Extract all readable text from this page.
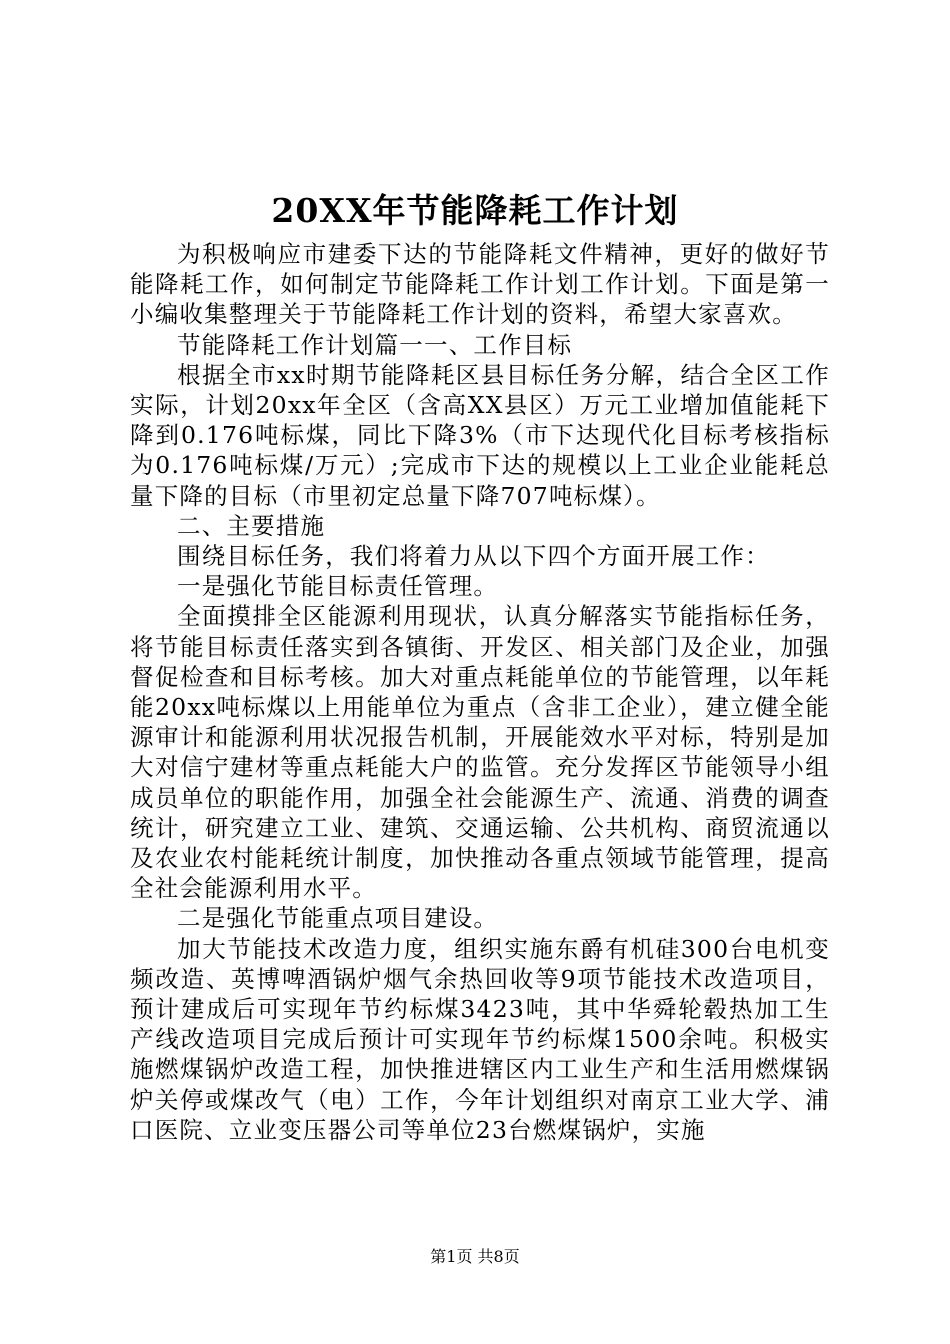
20XX年节能降耗工作计划

为积极响应市建委下达的节能降耗文件精神，更好的做好节能降耗工作，如何制定节能降耗工作计划工作计划。下面是第一小编收集整理关于节能降耗工作计划的资料，希望大家喜欢。

节能降耗工作计划篇一一、工作目标

根据全市xx时期节能降耗区县目标任务分解，结合全区工作实际，计划20xx年全区（含高XX县区）万元工业增加值能耗下降到0.176吨标煤，同比下降3%（市下达现代化目标考核指标为0.176吨标煤/万元）;完成市下达的规模以上工业企业能耗总量下降的目标（市里初定总量下降707吨标煤）。

二、主要措施

围绕目标任务，我们将着力从以下四个方面开展工作：

一是强化节能目标责任管理。

全面摸排全区能源利用现状，认真分解落实节能指标任务，将节能目标责任落实到各镇街、开发区、相关部门及企业，加强督促检查和目标考核。加大对重点耗能单位的节能管理，以年耗能20xx吨标煤以上用能单位为重点（含非工企业），建立健全能源审计和能源利用状况报告机制，开展能效水平对标，特别是加大对信宁建材等重点耗能大户的监管。充分发挥区节能领导小组成员单位的职能作用，加强全社会能源生产、流通、消费的调查统计，研究建立工业、建筑、交通运输、公共机构、商贸流通以及农业农村能耗统计制度，加快推动各重点领域节能管理，提高全社会能源利用水平。

二是强化节能重点项目建设。

加大节能技术改造力度，组织实施东爵有机硅300台电机变频改造、英博啤酒锅炉烟气余热回收等9项节能技术改造项目，预计建成后可实现年节约标煤3423吨，其中华舜轮毂热加工生产线改造项目完成后预计可实现年节约标煤1500余吨。积极实施燃煤锅炉改造工程，加快推进辖区内工业生产和生活用燃煤锅炉关停或煤改气（电）工作，今年计划组织对南京工业大学、浦口医院、立业变压器公司等单位23台燃煤锅炉，实施

第1页 共8页
